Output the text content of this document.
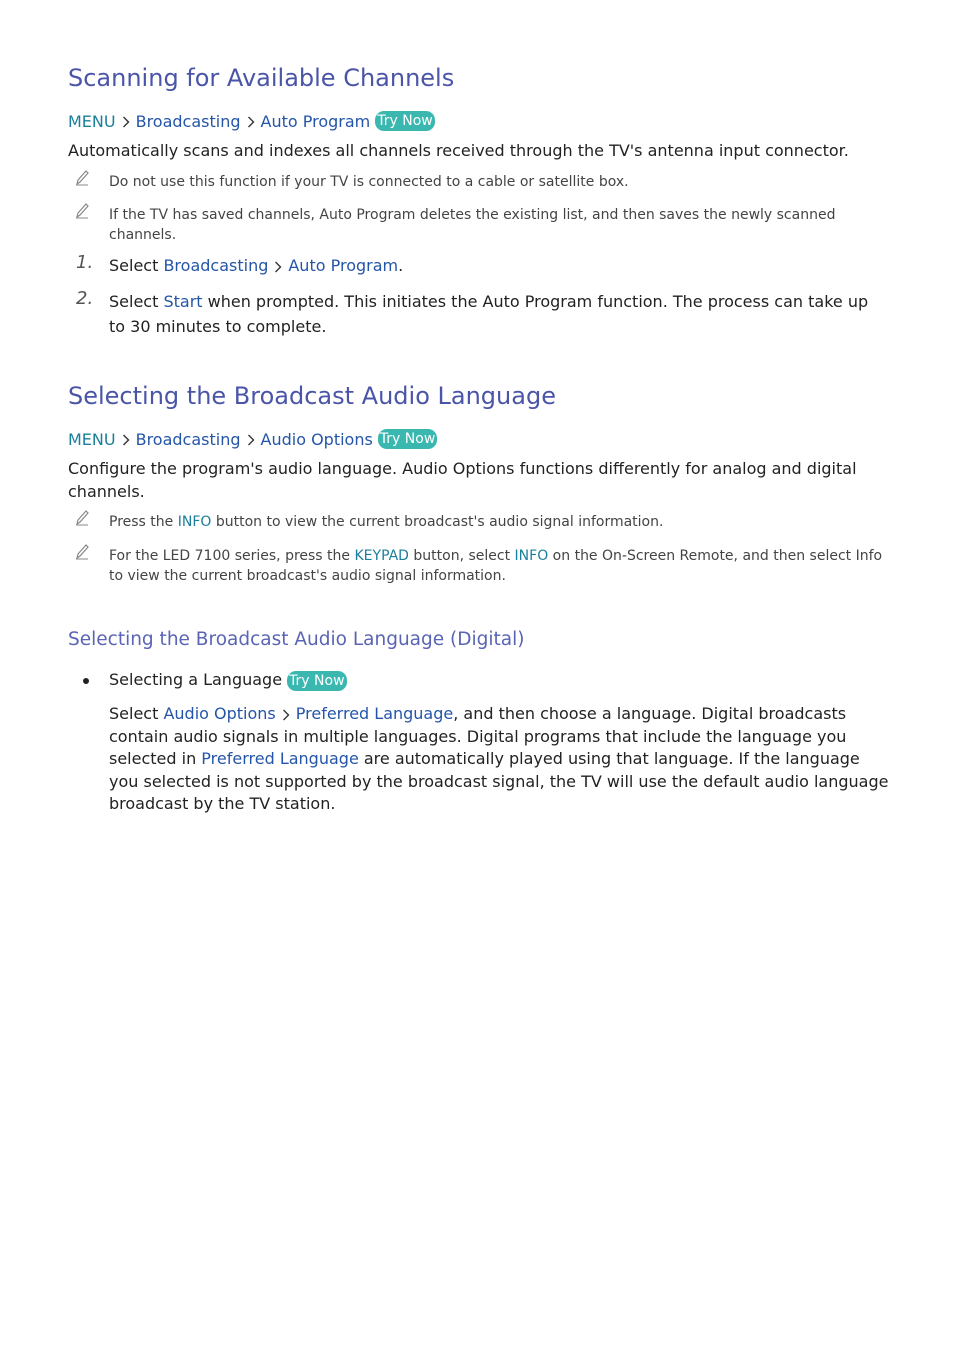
Scanning for Available Channels
MENU Broadcasting Auto Program Try Now
Automatically scans and indexes all channels received through the TV's antenna input connector.
Do not use this function if your TV is connected to a cable or satellite box.
If the TV has saved channels, Auto Program deletes the existing list, and then saves the newly scanned channels.
1. Select Broadcasting Auto Program.
2. Select Start when prompted. This initiates the Auto Program function. The process can take up to 30 minutes to complete.
Selecting the Broadcast Audio Language
MENU Broadcasting Audio Options Try Now
Configure the program's audio language. Audio Options functions differently for analog and digital channels.
Press the INFO button to view the current broadcast's audio signal information.
For the LED 7100 series, press the KEYPAD button, select INFO on the On-Screen Remote, and then select Info to view the current broadcast's audio signal information.
Selecting the Broadcast Audio Language (Digital)
Selecting a Language Try Now
Select Audio Options Preferred Language, and then choose a language. Digital broadcasts contain audio signals in multiple languages. Digital programs that include the language you selected in Preferred Language are automatically played using that language. If the language you selected is not supported by the broadcast signal, the TV will use the default audio language broadcast by the TV station.
